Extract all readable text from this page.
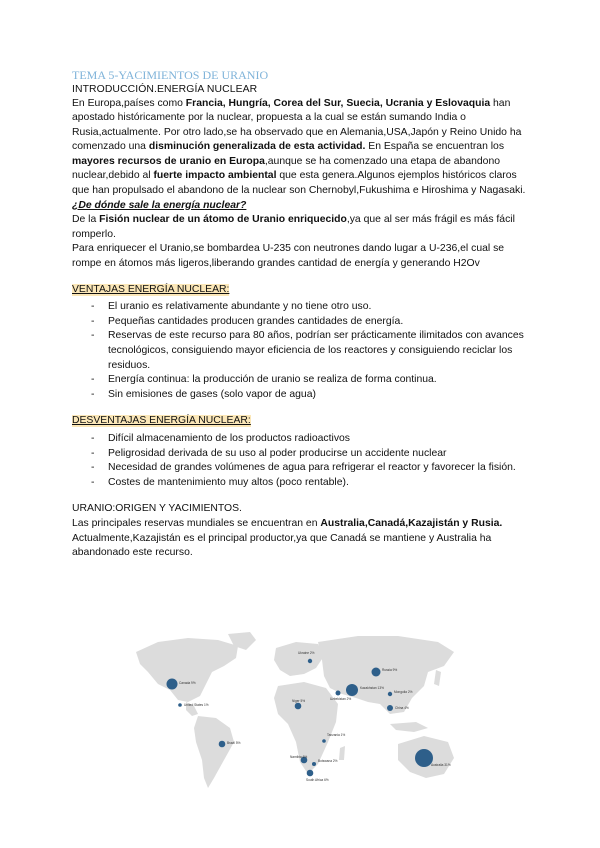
TEMA 5-YACIMIENTOS DE URANIO
INTRODUCCIÓN.ENERGÍA NUCLEAR

En Europa,países como Francia, Hungría, Corea del Sur, Suecia, Ucrania y Eslovaquia han apostado históricamente por la nuclear, propuesta a la cual se están sumando India o Rusia,actualmente. Por otro lado,se ha observado que en Alemania,USA,Japón y Reino Unido ha comenzado una disminución generalizada de esta actividad. En España se encuentran los mayores recursos de uranio en Europa,aunque se ha comenzado una etapa de abandono nuclear,debido al fuerte impacto ambiental que esta genera.Algunos ejemplos históricos claros que han propulsado el abandono de la nuclear son Chernobyl,Fukushima e Hiroshima y Nagasaki.

¿De dónde sale la energía nuclear?

De la Fisión nuclear de un átomo de Uranio enriquecido,ya que al ser más frágil es más fácil romperlo.

Para enriquecer el Uranio,se bombardea U-235 con neutrones dando lugar a U-236,el cual se rompe en átomos más ligeros,liberando grandes cantidad de energía y generando H2Ov

VENTAJAS ENERGÍA NUCLEAR:
- El uranio es relativamente abundante y no tiene otro uso.
- Pequeñas cantidades producen grandes cantidades de energía.
- Reservas de este recurso para 80 años, podrían ser prácticamente ilimitados con avances tecnológicos, consiguiendo mayor eficiencia de los reactores y consiguiendo reciclar los residuos.
- Energía continua: la producción de uranio se realiza de forma continua.
- Sin emisiones de gases (solo vapor de agua)
DESVENTAJAS ENERGÍA NUCLEAR:
- Difícil almacenamiento de los productos radioactivos
- Peligrosidad derivada de su uso al poder producirse un accidente nuclear
- Necesidad de grandes volúmenes de agua para refrigerar el reactor y favorecer la fisión.
- Costes de mantenimiento muy altos (poco rentable).
URANIO:ORIGEN Y YACIMIENTOS.

Las principales reservas mundiales se encuentran en Australia,Canadá,Kazajistán y Rusia.

Actualmente,Kazajistán es el principal productor,ya que Canadá se mantiene y Australia ha abandonado este recurso.

Canada 9%
United States 1%
Ukraine 2%
Russia 9%
Kazakhstan 13%
Uzbekistan 2%
Mongolia 2%
China 4%
Niger 5%
Tanzania 1%
Brazil 5%
Namibia 6%
Botswana 2%
South Africa 6%
Australia 31%
